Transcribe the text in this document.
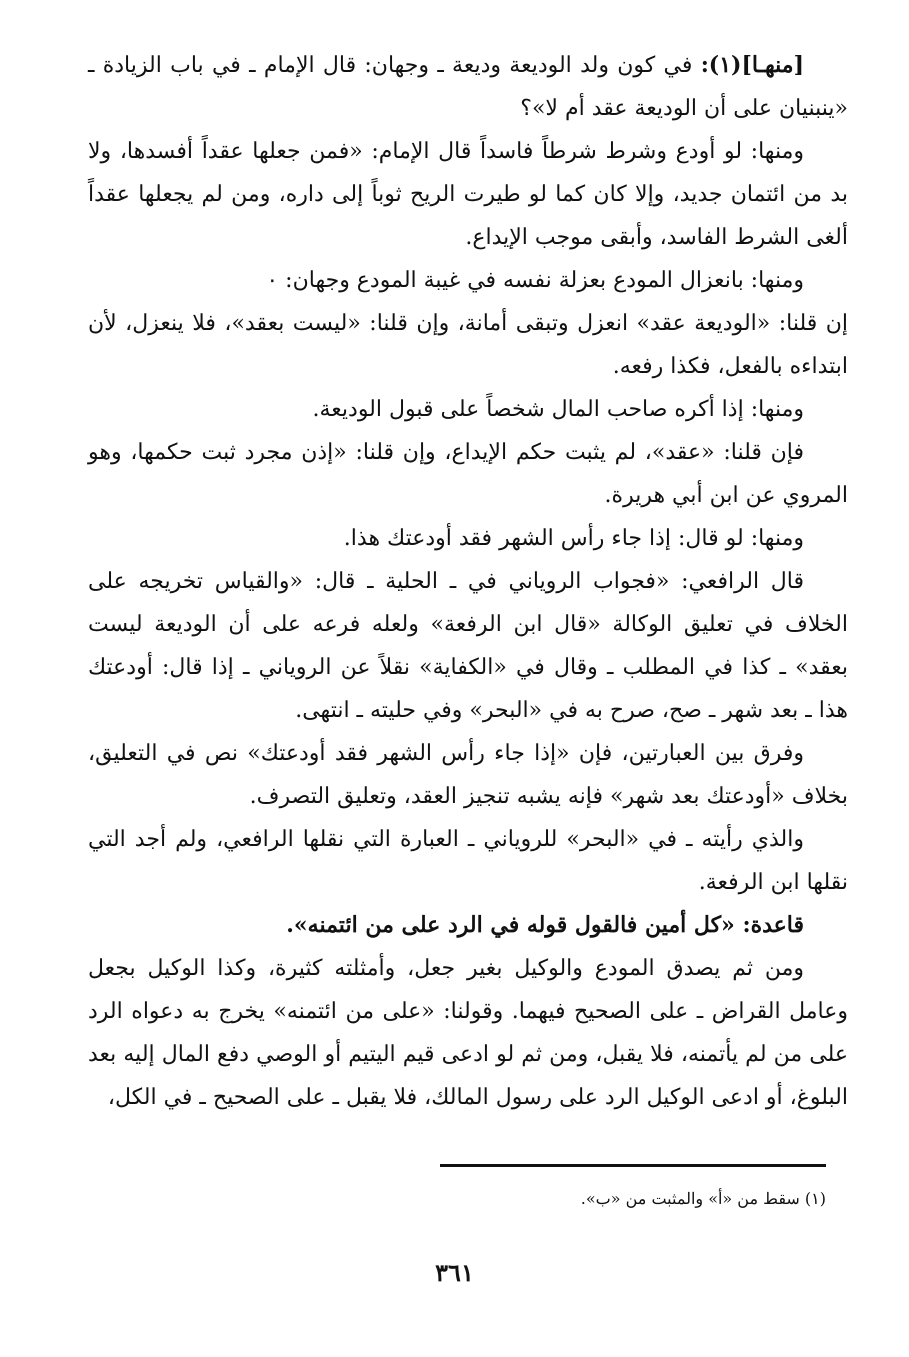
[منهـا](١): في كون ولد الوديعة وديعة ـ وجهان: قال الإمام ـ في باب الزيادة ـ «ينبنيان على أن الوديعة عقد أم لا»؟

ومنها: لو أودع وشرط شرطاً فاسداً قال الإمام: «فمن جعلها عقداً أفسدها، ولا بد من ائتمان جديد، وإلا كان كما لو طيرت الريح ثوباً إلى داره، ومن لم يجعلها عقداً ألغى الشرط الفاسد، وأبقى موجب الإيداع.

ومنها: بانعزال المودع بعزلة نفسه في غيبة المودع وجهان: ٠

إن قلنا: «الوديعة عقد» انعزل وتبقى أمانة، وإن قلنا: «ليست بعقد»، فلا ينعزل، لأن ابتداءه بالفعل، فكذا رفعه.

ومنها: إذا أكره صاحب المال شخصاً على قبول الوديعة.

فإن قلنا: «عقد»، لم يثبت حكم الإيداع، وإن قلنا: «إذن مجرد ثبت حكمها، وهو المروي عن ابن أبي هريرة.

ومنها: لو قال: إذا جاء رأس الشهر فقد أودعتك هذا.

قال الرافعي: «فجواب الروياني في ـ الحلية ـ قال: «والقياس تخريجه على الخلاف في تعليق الوكالة «قال ابن الرفعة» ولعله فرعه على أن الوديعة ليست بعقد» ـ كذا في المطلب ـ وقال في «الكفاية» نقلاً عن الروياني ـ إذا قال: أودعتك هذا ـ بعد شهر ـ صح، صرح به في «البحر» وفي حليته ـ انتهى.

وفرق بين العبارتين، فإن «إذا جاء رأس الشهر فقد أودعتك» نص في التعليق، بخلاف «أودعتك بعد شهر» فإنه يشبه تنجيز العقد، وتعليق التصرف.

والذي رأيته ـ في «البحر» للروياني ـ العبارة التي نقلها الرافعي، ولم أجد التي نقلها ابن الرفعة.

قاعدة: «كل أمين فالقول قوله في الرد على من ائتمنه».

ومن ثم يصدق المودع والوكيل بغير جعل، وأمثلته كثيرة، وكذا الوكيل بجعل وعامل القراض ـ على الصحيح فيهما. وقولنا: «على من ائتمنه» يخرج به دعواه الرد على من لم يأتمنه، فلا يقبل، ومن ثم لو ادعى قيم اليتيم أو الوصي دفع المال إليه بعد البلوغ، أو ادعى الوكيل الرد على رسول المالك، فلا يقبل ـ على الصحيح ـ في الكل،

(١) سقط من «أ» والمثبت من «ب».
٣٦١
